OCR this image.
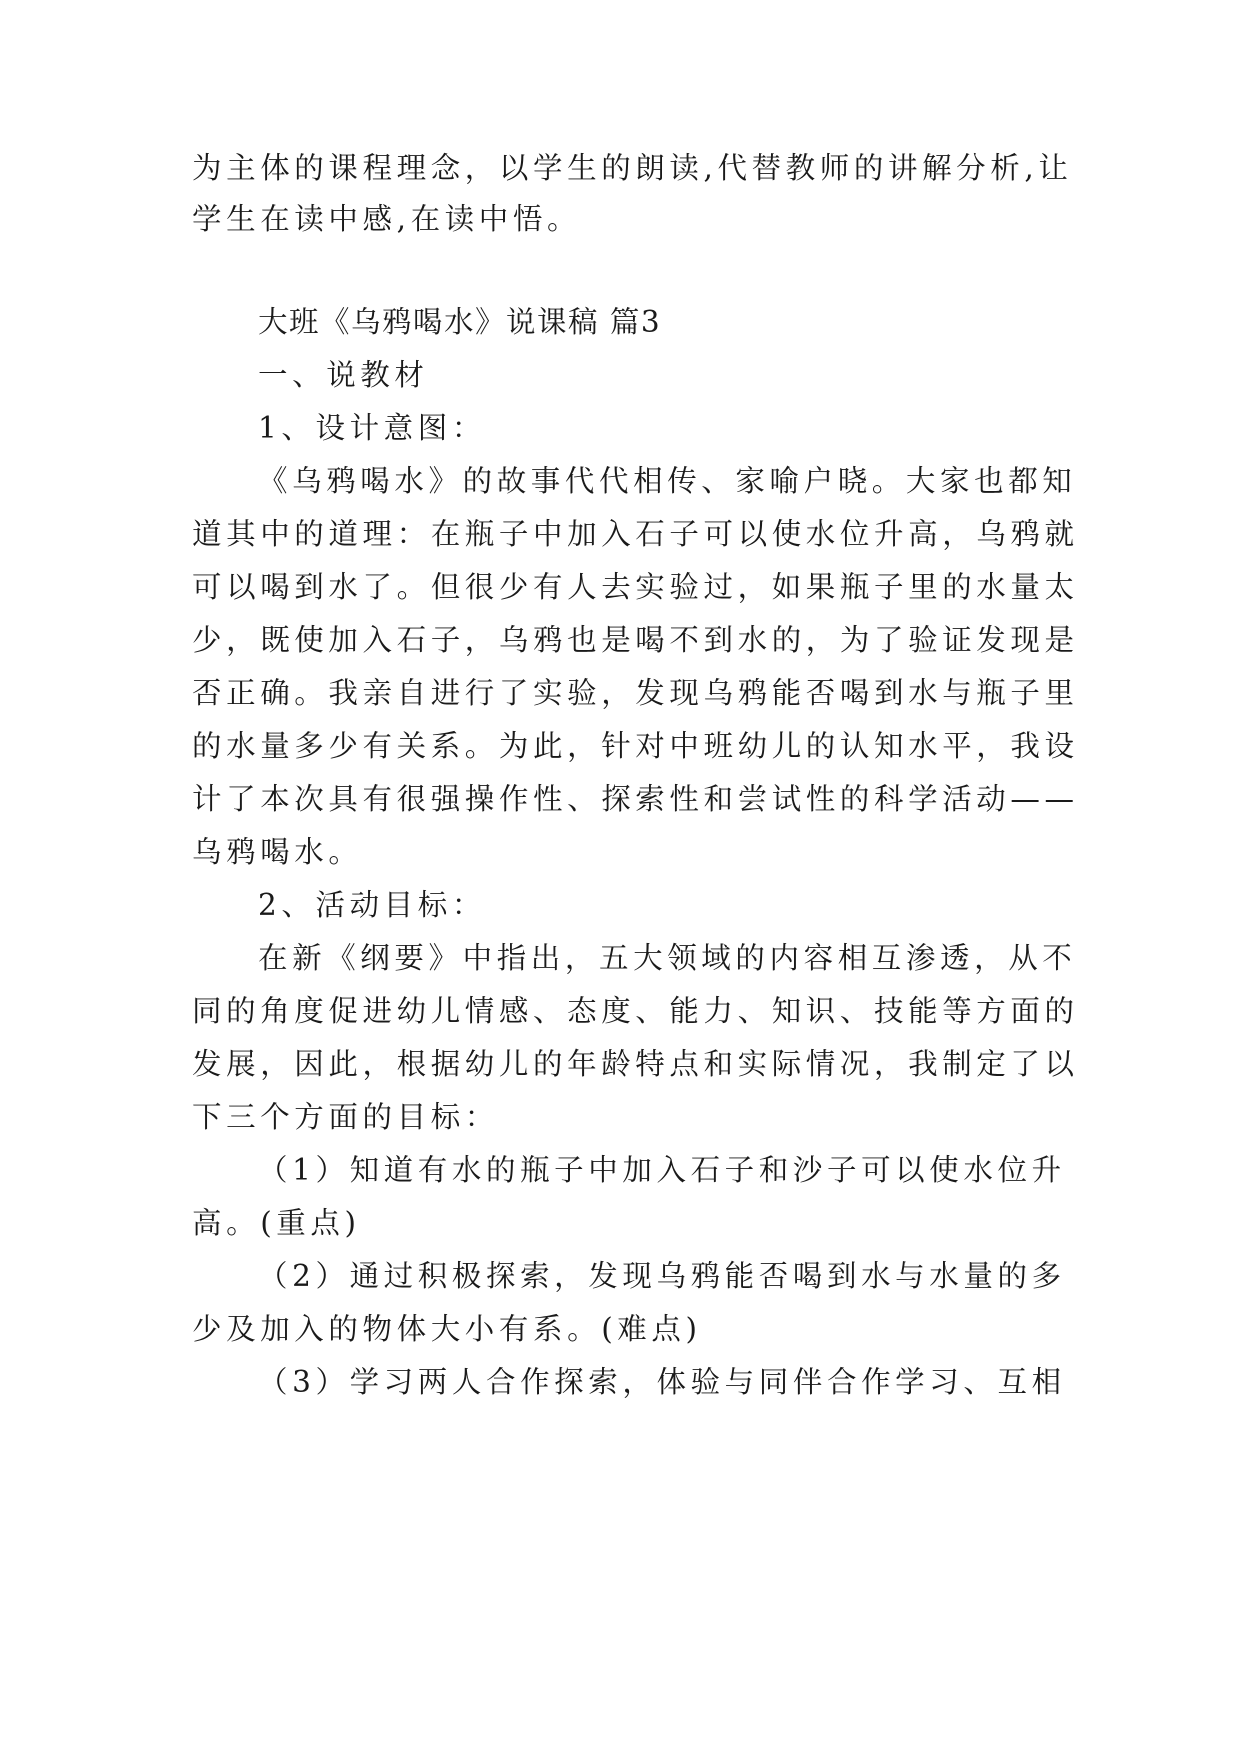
为主体的课程理念，以学生的朗读,代替教师的讲解分析,让
学生在读中感,在读中悟。
大班《乌鸦喝水》说课稿 篇3
一、说教材
1、设计意图：
《乌鸦喝水》的故事代代相传、家喻户晓。大家也都知
道其中的道理：在瓶子中加入石子可以使水位升高，乌鸦就
可以喝到水了。但很少有人去实验过，如果瓶子里的水量太
少，既使加入石子，乌鸦也是喝不到水的，为了验证发现是
否正确。我亲自进行了实验，发现乌鸦能否喝到水与瓶子里
的水量多少有关系。为此，针对中班幼儿的认知水平，我设
计了本次具有很强操作性、探索性和尝试性的科学活动——
乌鸦喝水。
2、活动目标：
在新《纲要》中指出，五大领域的内容相互渗透，从不
同的角度促进幼儿情感、态度、能力、知识、技能等方面的
发展，因此，根据幼儿的年龄特点和实际情况，我制定了以
下三个方面的目标：
（1）知道有水的瓶子中加入石子和沙子可以使水位升
高。(重点)
（2）通过积极探索，发现乌鸦能否喝到水与水量的多
少及加入的物体大小有系。(难点)
（3）学习两人合作探索，体验与同伴合作学习、互相
